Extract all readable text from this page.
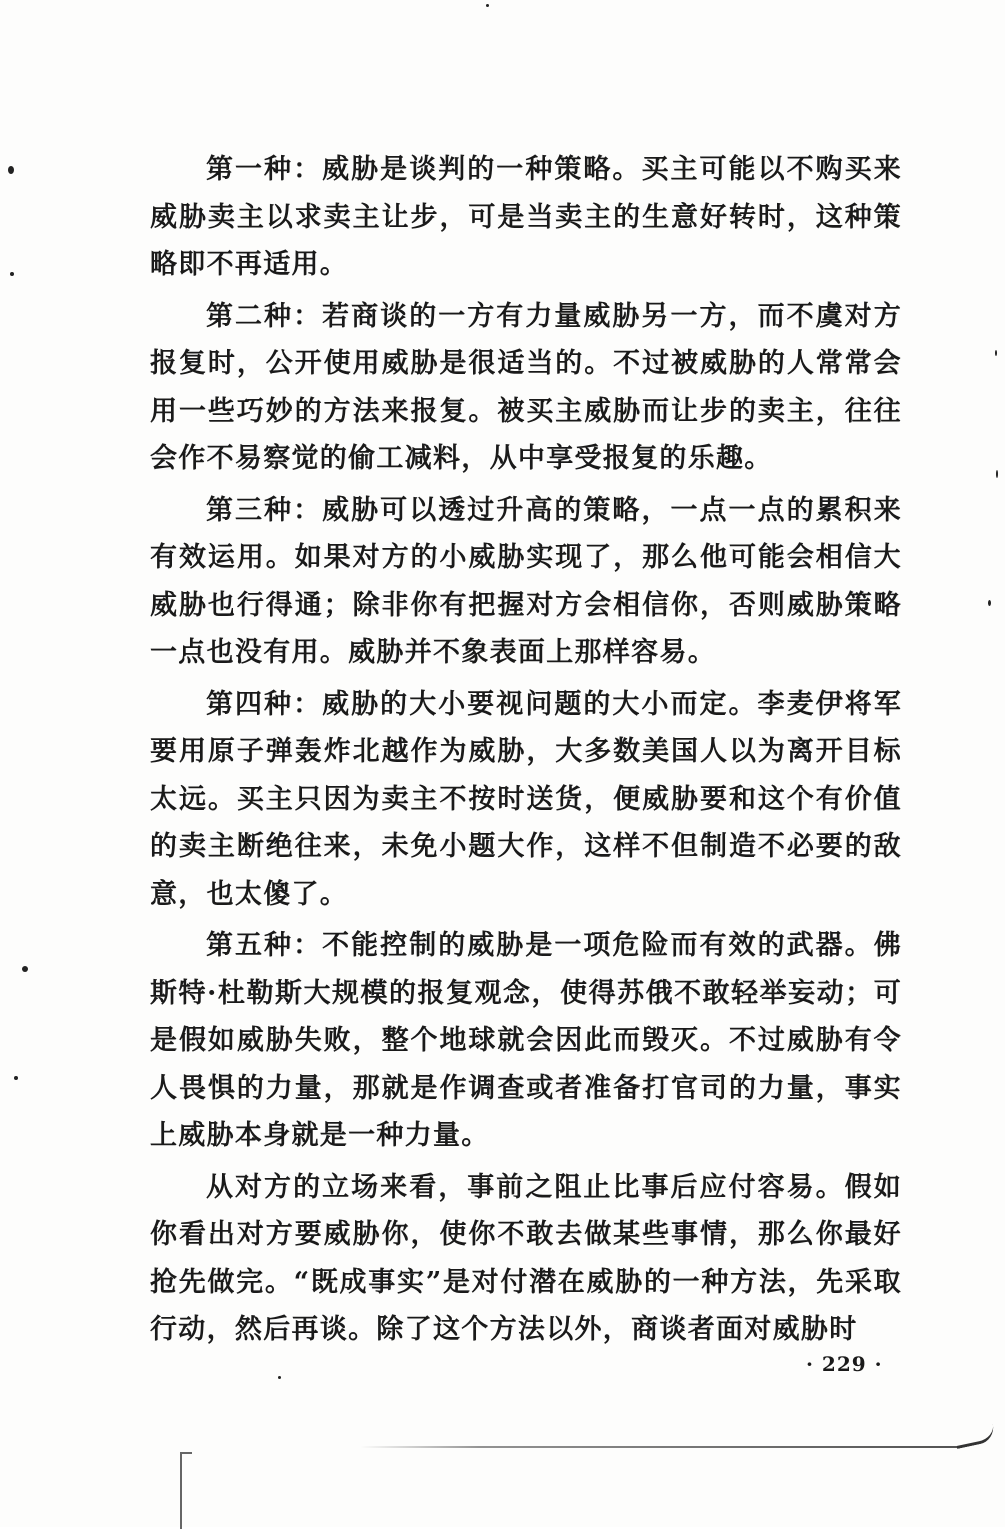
第一种：威胁是谈判的一种策略。买主可能以不购买来威胁卖主以求卖主让步，可是当卖主的生意好转时，这种策略即不再适用。

第二种：若商谈的一方有力量威胁另一方，而不虞对方报复时，公开使用威胁是很适当的。不过被威胁的人常常会用一些巧妙的方法来报复。被买主威胁而让步的卖主，往往会作不易察觉的偷工减料，从中享受报复的乐趣。

第三种：威胁可以透过升高的策略，一点一点的累积来有效运用。如果对方的小威胁实现了，那么他可能会相信大威胁也行得通；除非你有把握对方会相信你，否则威胁策略一点也没有用。威胁并不象表面上那样容易。

第四种：威胁的大小要视问题的大小而定。李麦伊将军要用原子弹轰炸北越作为威胁，大多数美国人以为离开目标太远。买主只因为卖主不按时送货，便威胁要和这个有价值的卖主断绝往来，未免小题大作，这样不但制造不必要的敌意，也太傻了。

第五种：不能控制的威胁是一项危险而有效的武器。佛斯特·杜勒斯大规模的报复观念，使得苏俄不敢轻举妄动；可是假如威胁失败，整个地球就会因此而毁灭。不过威胁有令人畏惧的力量，那就是作调查或者准备打官司的力量，事实上威胁本身就是一种力量。

从对方的立场来看，事前之阻止比事后应付容易。假如你看出对方要威胁你，使你不敢去做某些事情，那么你最好抢先做完。“既成事实”是对付潜在威胁的一种方法，先采取行动，然后再谈。除了这个方法以外，商谈者面对威胁时

· 229 ·
